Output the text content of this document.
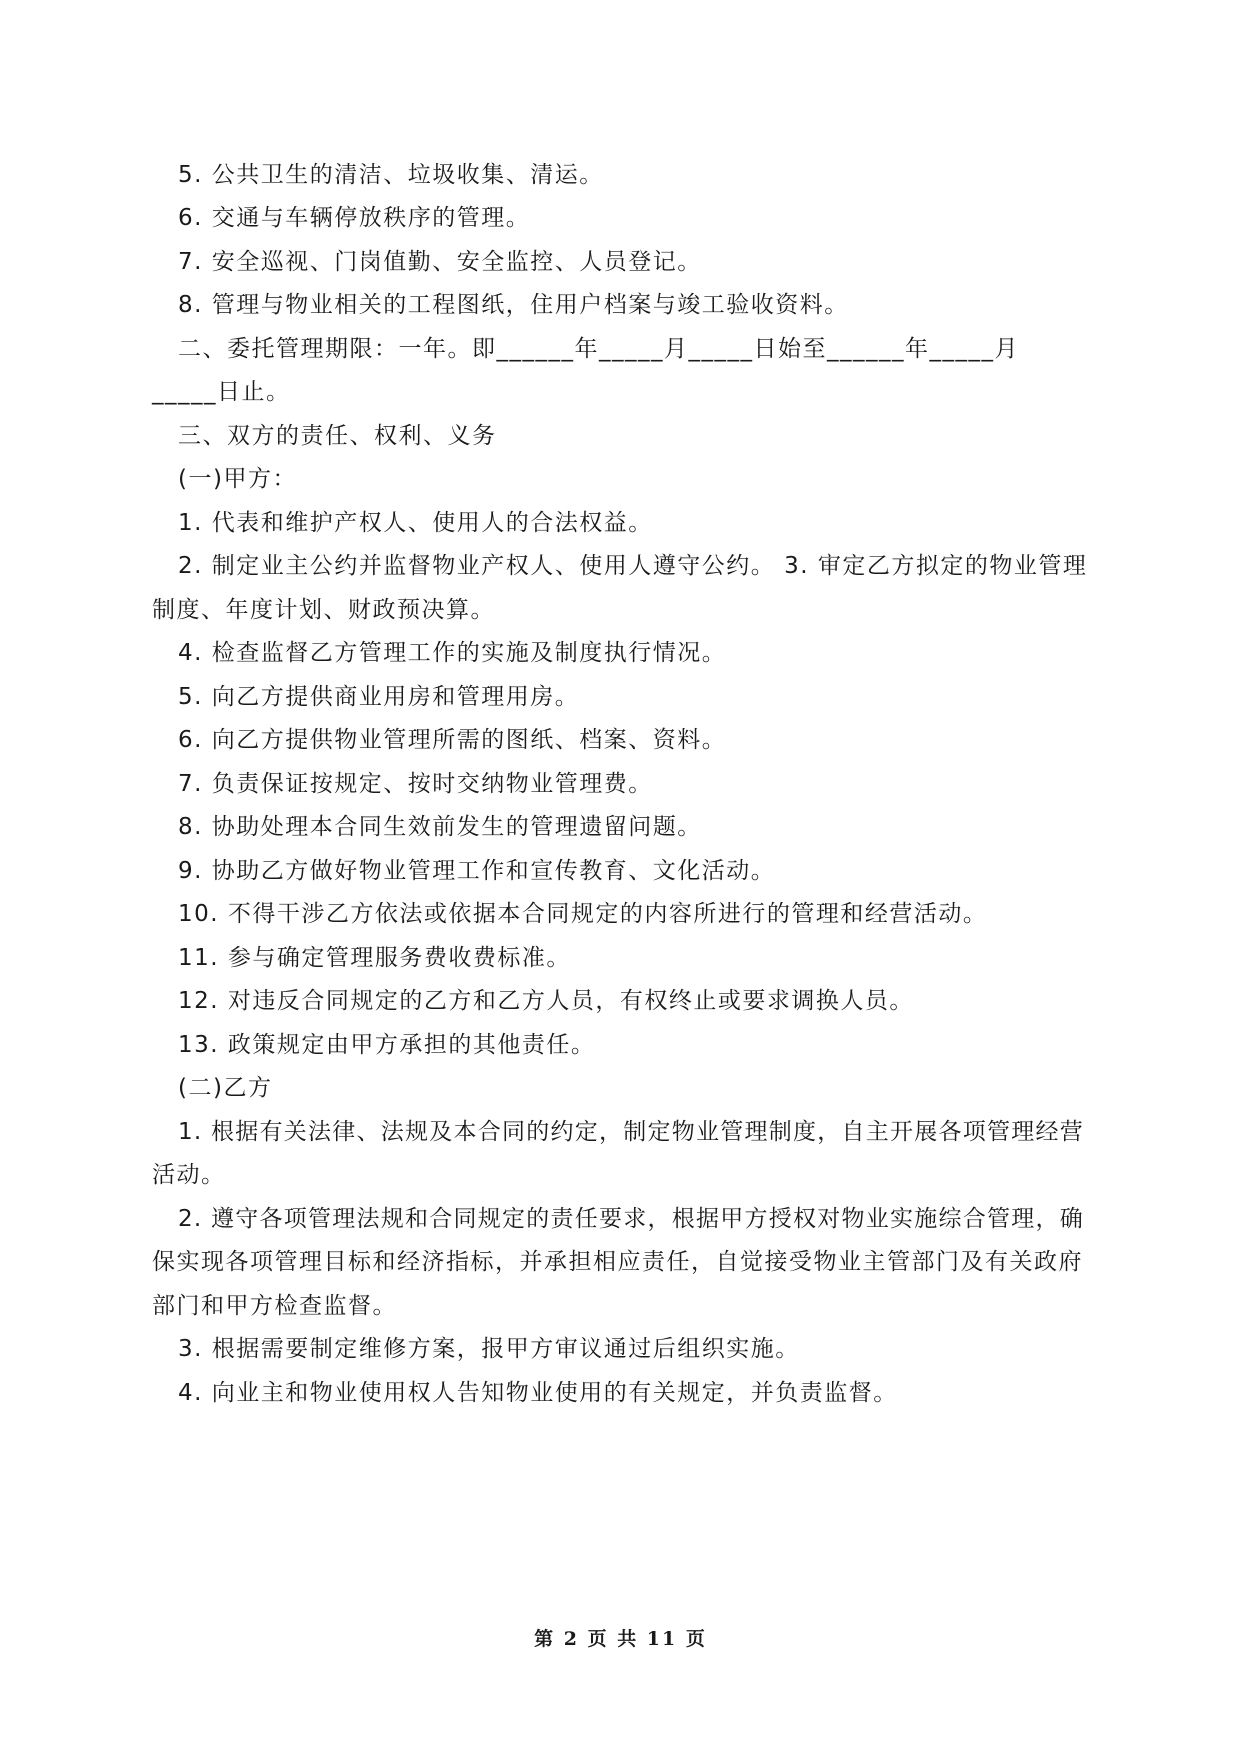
5. 公共卫生的清洁、垃圾收集、清运。

6. 交通与车辆停放秩序的管理。

7. 安全巡视、门岗值勤、安全监控、人员登记。

8. 管理与物业相关的工程图纸，住用户档案与竣工验收资料。

二、委托管理期限：一年。即______年_____月_____日始至______年_____月

_____日止。

三、双方的责任、权利、义务

(一)甲方：

1. 代表和维护产权人、使用人的合法权益。

2. 制定业主公约并监督物业产权人、使用人遵守公约。 3. 审定乙方拟定的物业管理

制度、年度计划、财政预决算。

4. 检查监督乙方管理工作的实施及制度执行情况。

5. 向乙方提供商业用房和管理用房。

6. 向乙方提供物业管理所需的图纸、档案、资料。

7. 负责保证按规定、按时交纳物业管理费。

8. 协助处理本合同生效前发生的管理遗留问题。

9. 协助乙方做好物业管理工作和宣传教育、文化活动。

10. 不得干涉乙方依法或依据本合同规定的内容所进行的管理和经营活动。

11. 参与确定管理服务费收费标准。

12. 对违反合同规定的乙方和乙方人员，有权终止或要求调换人员。

13. 政策规定由甲方承担的其他责任。

(二)乙方

1. 根据有关法律、法规及本合同的约定，制定物业管理制度，自主开展各项管理经营

活动。

2. 遵守各项管理法规和合同规定的责任要求，根据甲方授权对物业实施综合管理，确

保实现各项管理目标和经济指标，并承担相应责任，自觉接受物业主管部门及有关政府

部门和甲方检查监督。

3. 根据需要制定维修方案，报甲方审议通过后组织实施。

4. 向业主和物业使用权人告知物业使用的有关规定，并负责监督。

第 2 页 共 11 页
